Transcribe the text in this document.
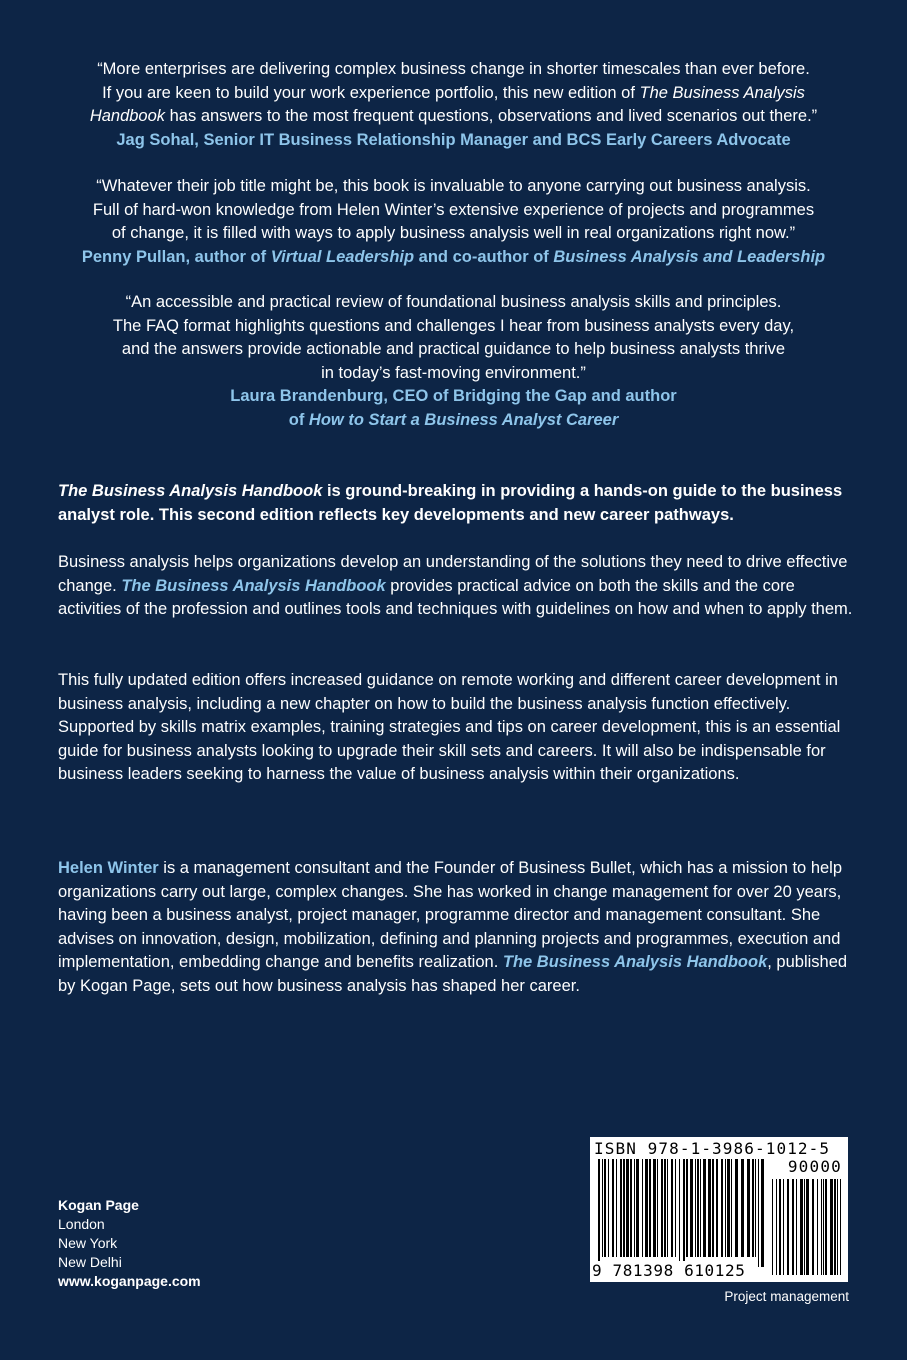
“More enterprises are delivering complex business change in shorter timescales than ever before.
If you are keen to build your work experience portfolio, this new edition of The Business Analysis
Handbook has answers to the most frequent questions, observations and lived scenarios out there.”
Jag Sohal, Senior IT Business Relationship Manager and BCS Early Careers Advocate
“Whatever their job title might be, this book is invaluable to anyone carrying out business analysis.
Full of hard-won knowledge from Helen Winter’s extensive experience of projects and programmes
of change, it is filled with ways to apply business analysis well in real organizations right now.”
Penny Pullan, author of Virtual Leadership and co-author of Business Analysis and Leadership
“An accessible and practical review of foundational business analysis skills and principles.
The FAQ format highlights questions and challenges I hear from business analysts every day,
and the answers provide actionable and practical guidance to help business analysts thrive
in today’s fast-moving environment.”
Laura Brandenburg, CEO of Bridging the Gap and author
of How to Start a Business Analyst Career

The Business Analysis Handbook is ground-breaking in providing a hands-on guide to the business analyst role. This second edition reflects key developments and new career pathways.

Business analysis helps organizations develop an understanding of the solutions they need to drive effective change. The Business Analysis Handbook provides practical advice on both the skills and the core activities of the profession and outlines tools and techniques with guidelines on how and when to apply them.

This fully updated edition offers increased guidance on remote working and different career development in business analysis, including a new chapter on how to build the business analysis function effectively. Supported by skills matrix examples, training strategies and tips on career development, this is an essential guide for business analysts looking to upgrade their skill sets and careers. It will also be indispensable for business leaders seeking to harness the value of business analysis within their organizations.

Helen Winter is a management consultant and the Founder of Business Bullet, which has a mission to help organizations carry out large, complex changes. She has worked in change management for over 20 years, having been a business analyst, project manager, programme director and management consultant. She advises on innovation, design, mobilization, defining and planning projects and programmes, execution and implementation, embedding change and benefits realization. The Business Analysis Handbook, published by Kogan Page, sets out how business analysis has shaped her career.

Kogan Page
London
New York
New Delhi
www.koganpage.com
ISBN 978-1-3986-1012-5
90000
9 781398 610125
Project management
